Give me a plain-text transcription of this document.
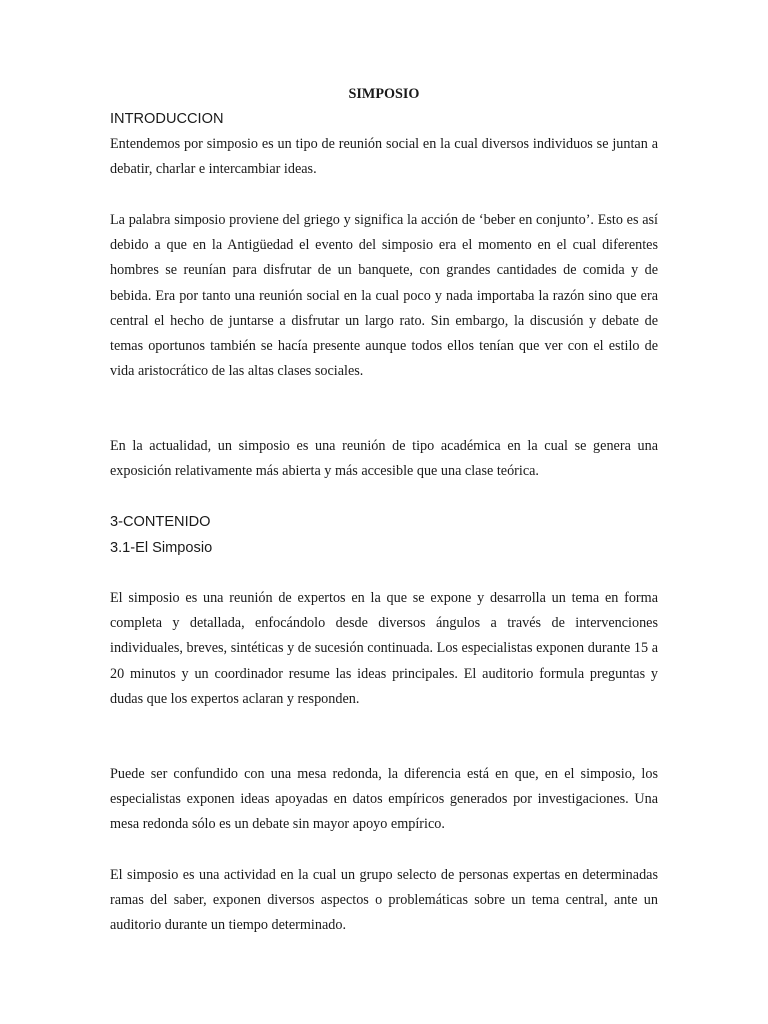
SIMPOSIO

INTRODUCCION

Entendemos por simposio es un tipo de reunión social en la cual diversos individuos se juntan a debatir, charlar e intercambiar ideas.

La palabra simposio proviene del griego y significa la acción de ‘beber en conjunto’. Esto es así debido a que en la Antigüedad el evento del simposio era el momento en el cual diferentes hombres se reunían para disfrutar de un banquete, con grandes cantidades de comida y de bebida. Era por tanto una reunión social en la cual poco y nada importaba la razón sino que era central el hecho de juntarse a disfrutar un largo rato. Sin embargo, la discusión y debate de temas oportunos también se hacía presente aunque todos ellos tenían que ver con el estilo de vida aristocrático de las altas clases sociales.

En la actualidad, un simposio es una reunión de tipo académica en la cual se genera una exposición relativamente más abierta y más accesible que una clase teórica.

3-CONTENIDO

3.1-El Simposio

El simposio es una reunión de expertos en la que se expone y desarrolla un tema en forma completa y detallada, enfocándolo desde diversos ángulos a través de intervenciones individuales, breves, sintéticas y de sucesión continuada. Los especialistas exponen durante 15 a 20 minutos y un coordinador resume las ideas principales. El auditorio formula preguntas y dudas que los expertos aclaran y responden.

Puede ser confundido con una mesa redonda, la diferencia está en que, en el simposio, los especialistas exponen ideas apoyadas en datos empíricos generados por investigaciones. Una mesa redonda sólo es un debate sin mayor apoyo empírico.

El simposio es una actividad en la cual un grupo selecto de personas expertas en determinadas ramas del saber, exponen diversos aspectos o problemáticas sobre un tema central, ante un auditorio durante un tiempo determinado.
